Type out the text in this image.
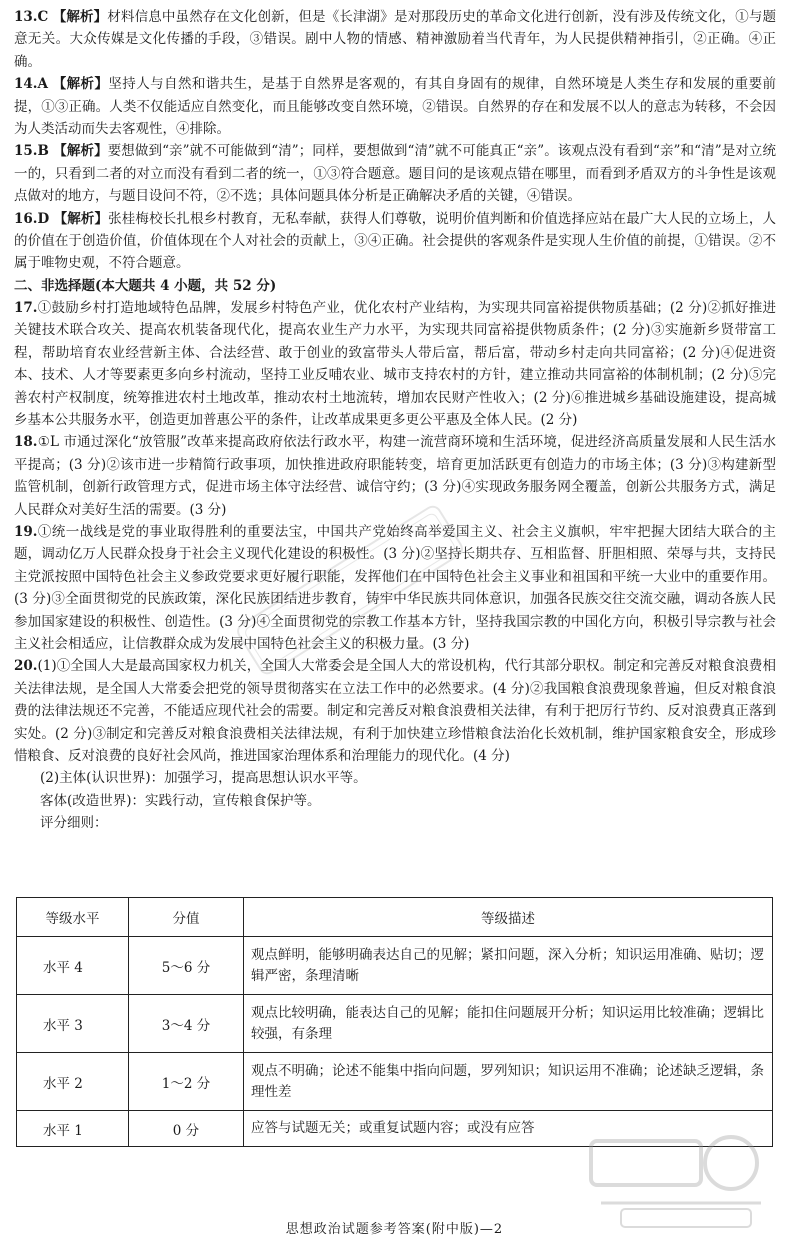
13.C 【解析】材料信息中虽然存在文化创新，但是《长津湖》是对那段历史的革命文化进行创新，没有涉及传统文化，①与题意无关。大众传媒是文化传播的手段，③错误。剧中人物的情感、精神激励着当代青年，为人民提供精神指引，②正确。④正确。
14.A 【解析】坚持人与自然和谐共生，是基于自然界是客观的，有其自身固有的规律，自然环境是人类生存和发展的重要前提，①③正确。人类不仅能适应自然变化，而且能够改变自然环境，②错误。自然界的存在和发展不以人的意志为转移，不会因为人类活动而失去客观性，④排除。
15.B 【解析】要想做到“亲”就不可能做到“清”；同样，要想做到“清”就不可能真正“亲”。该观点没有看到“亲”和“清”是对立统一的，只看到二者的对立而没有看到二者的统一，①③符合题意。题目问的是该观点错在哪里，而看到矛盾双方的斗争性是该观点做对的地方，与题目设问不符，②不选；具体问题具体分析是正确解决矛盾的关键，④错误。
16.D 【解析】张桂梅校长扎根乡村教育，无私奉献，获得人们尊敬，说明价值判断和价值选择应站在最广大人民的立场上，人的价值在于创造价值，价值体现在个人对社会的贡献上，③④正确。社会提供的客观条件是实现人生价值的前提，①错误。②不属于唯物史观，不符合题意。

二、非选择题(本大题共 4 小题，共 52 分)

17.①鼓励乡村打造地域特色品牌，发展乡村特色产业，优化农村产业结构，为实现共同富裕提供物质基础；(2 分)②抓好推进关键技术联合攻关、提高农机装备现代化，提高农业生产力水平，为实现共同富裕提供物质条件；(2 分)③实施新乡贤带富工程，帮助培育农业经营新主体、合法经营、敢于创业的致富带头人带后富，帮后富，带动乡村走向共同富裕；(2 分)④促进资本、技术、人才等要素更多向乡村流动，坚持工业反哺农业、城市支持农村的方针，建立推动共同富裕的体制机制；(2 分)⑤完善农村产权制度，统筹推进农村土地改革，推动农村土地流转，增加农民财产性收入；(2 分)⑥推进城乡基础设施建设，提高城乡基本公共服务水平，创造更加普惠公平的条件，让改革成果更多更公平惠及全体人民。(2 分)
18.①L 市通过深化“放管服”改革来提高政府依法行政水平，构建一流营商环境和生活环境，促进经济高质量发展和人民生活水平提高；(3 分)②该市进一步精简行政事项，加快推进政府职能转变，培育更加活跃更有创造力的市场主体；(3 分)③构建新型监管机制，创新行政管理方式，促进市场主体守法经营、诚信守约；(3 分)④实现政务服务网全覆盖，创新公共服务方式，满足人民群众对美好生活的需要。(3 分)
19.①统一战线是党的事业取得胜利的重要法宝，中国共产党始终高举爱国主义、社会主义旗帜，牢牢把握大团结大联合的主题，调动亿万人民群众投身于社会主义现代化建设的积极性。(3 分)②坚持长期共存、互相监督、肝胆相照、荣辱与共，支持民主党派按照中国特色社会主义参政党要求更好履行职能，发挥他们在中国特色社会主义事业和祖国和平统一大业中的重要作用。(3 分)③全面贯彻党的民族政策，深化民族团结进步教育，铸牢中华民族共同体意识，加强各民族交往交流交融，调动各族人民参加国家建设的积极性、创造性。(3 分)④全面贯彻党的宗教工作基本方针，坚持我国宗教的中国化方向，积极引导宗教与社会主义社会相适应，让信教群众成为发展中国特色社会主义的积极力量。(3 分)
20.(1)①全国人大是最高国家权力机关，全国人大常委会是全国人大的常设机构，代行其部分职权。制定和完善反对粮食浪费相关法律法规，是全国人大常委会把党的领导贯彻落实在立法工作中的必然要求。(4 分)②我国粮食浪费现象普遍，但反对粮食浪费的法律法规还不完善，不能适应现代社会的需要。制定和完善反对粮食浪费相关法律，有利于把厉行节约、反对浪费真正落到实处。(2 分)③制定和完善反对粮食浪费相关法律法规，有利于加快建立珍惜粮食法治化长效机制，维护国家粮食安全，形成珍惜粮食、反对浪费的良好社会风尚，推进国家治理体系和治理能力的现代化。(4 分)
(2)主体(认识世界)：加强学习，提高思想认识水平等。
客体(改造世界)：实践行动，宣传粮食保护等。
评分细则：
等级水平	分值	等级描述
水平 4	5～6 分	观点鲜明，能够明确表达自己的见解；紧扣问题，深入分析；知识运用准确、贴切；逻辑严密，条理清晰
水平 3	3～4 分	观点比较明确，能表达自己的见解；能扣住问题展开分析；知识运用比较准确；逻辑比较强，有条理
水平 2	1～2 分	观点不明确；论述不能集中指向问题，罗列知识；知识运用不准确；论述缺乏逻辑，条理性差
水平 1	0 分	应答与试题无关；或重复试题内容；或没有应答
思想政治试题参考答案(附中版)—2
